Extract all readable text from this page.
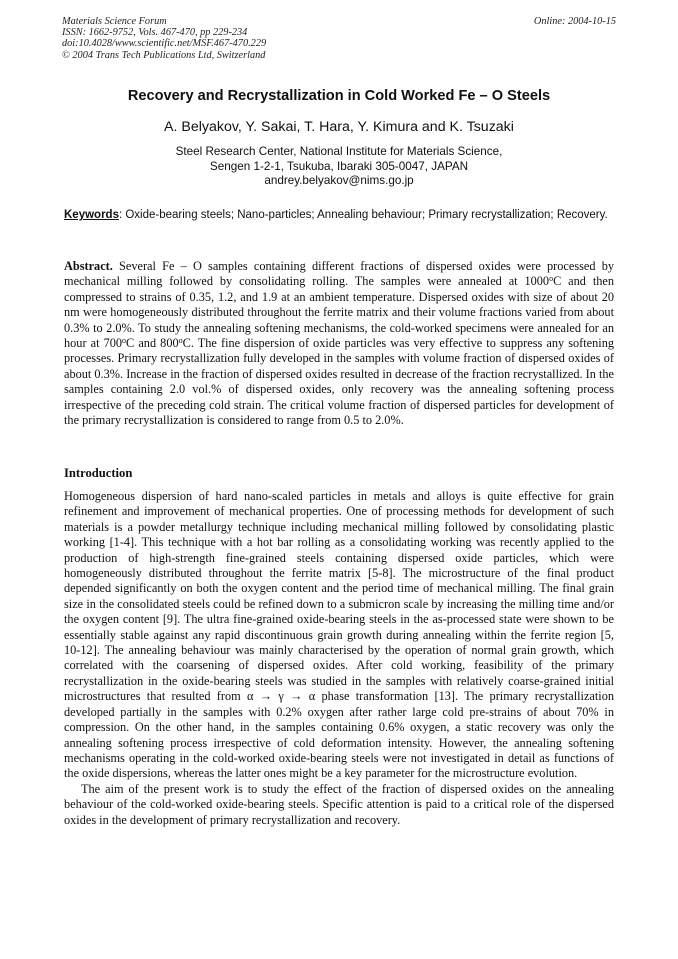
Materials Science Forum
ISSN: 1662-9752, Vols. 467-470, pp 229-234
doi:10.4028/www.scientific.net/MSF.467-470.229
© 2004 Trans Tech Publications Ltd, Switzerland
Online: 2004-10-15
Recovery and Recrystallization in Cold Worked Fe – O Steels
A. Belyakov, Y. Sakai, T. Hara, Y. Kimura and K. Tsuzaki
Steel Research Center, National Institute for Materials Science,
Sengen 1-2-1, Tsukuba, Ibaraki 305-0047, JAPAN
andrey.belyakov@nims.go.jp
Keywords: Oxide-bearing steels; Nano-particles; Annealing behaviour; Primary recrystallization; Recovery.
Abstract. Several Fe – O samples containing different fractions of dispersed oxides were processed by mechanical milling followed by consolidating rolling. The samples were annealed at 1000$^o$C and then compressed to strains of 0.35, 1.2, and 1.9 at an ambient temperature. Dispersed oxides with size of about 20 nm were homogeneously distributed throughout the ferrite matrix and their volume fractions varied from about 0.3% to 2.0%. To study the annealing softening mechanisms, the cold-worked specimens were annealed for an hour at 700$^o$C and 800$^o$C. The fine dispersion of oxide particles was very effective to suppress any softening processes. Primary recrystallization fully developed in the samples with volume fraction of dispersed oxides of about 0.3%. Increase in the fraction of dispersed oxides resulted in decrease of the fraction recrystallized. In the samples containing 2.0 vol.% of dispersed oxides, only recovery was the annealing softening process irrespective of the preceding cold strain. The critical volume fraction of dispersed particles for development of the primary recrystallization is considered to range from 0.5 to 2.0%.
Introduction

Homogeneous dispersion of hard nano-scaled particles in metals and alloys is quite effective for grain refinement and improvement of mechanical properties. One of processing methods for development of such materials is a powder metallurgy technique including mechanical milling followed by consolidating plastic working [1-4]. This technique with a hot bar rolling as a consolidating working was recently applied to the production of high-strength fine-grained steels containing dispersed oxide particles, which were homogeneously distributed throughout the ferrite matrix [5-8]. The microstructure of the final product depended significantly on both the oxygen content and the period time of mechanical milling. The final grain size in the consolidated steels could be refined down to a submicron scale by increasing the milling time and/or the oxygen content [9]. The ultra fine-grained oxide-bearing steels in the as-processed state were shown to be essentially stable against any rapid discontinuous grain growth during annealing within the ferrite region [5, 10-12]. The annealing behaviour was mainly characterised by the operation of normal grain growth, which correlated with the coarsening of dispersed oxides. After cold working, feasibility of the primary recrystallization in the oxide-bearing steels was studied in the samples with relatively coarse-grained initial microstructures that resulted from α → γ → α phase transformation [13]. The primary recrystallization developed partially in the samples with 0.2% oxygen after rather large cold pre-strains of about 70% in compression. On the other hand, in the samples containing 0.6% oxygen, a static recovery was only the annealing softening process irrespective of cold deformation intensity. However, the annealing softening mechanisms operating in the cold-worked oxide-bearing steels were not investigated in detail as functions of the oxide dispersions, whereas the latter ones might be a key parameter for the microstructure evolution.

The aim of the present work is to study the effect of the fraction of dispersed oxides on the annealing behaviour of the cold-worked oxide-bearing steels. Specific attention is paid to a critical role of the dispersed oxides in the development of primary recrystallization and recovery.
